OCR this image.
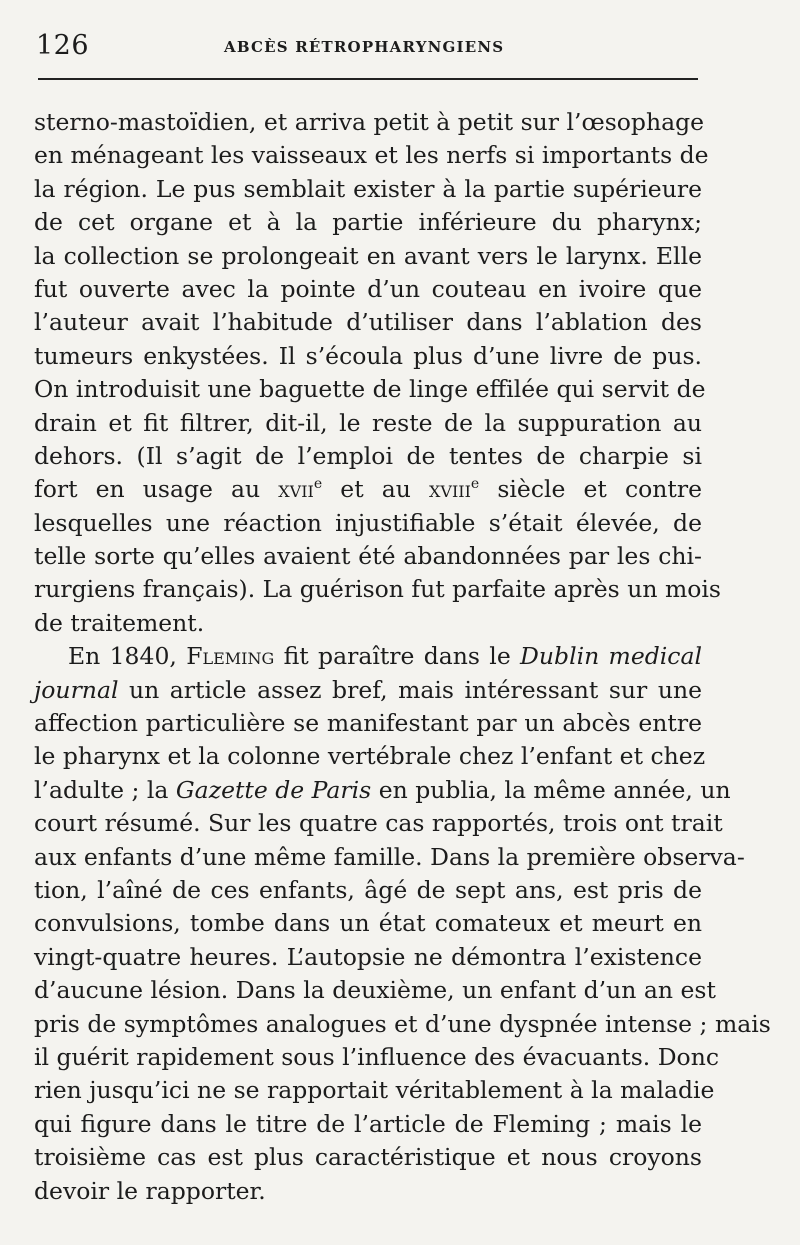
126	ABCÈS RÉTROPHARYNGIENS
sterno-mastoïdien, et arriva petit à petit sur l’œsophage
en ménageant les vaisseaux et les nerfs si importants de
la région. Le pus semblait exister à la partie supérieure
de cet organe et à la partie inférieure du pharynx;
la collection se prolongeait en avant vers le larynx. Elle
fut ouverte avec la pointe d’un couteau en ivoire que
l’auteur avait l’habitude d’utiliser dans l’ablation des
tumeurs enkystées. Il s’écoula plus d’une livre de pus.
On introduisit une baguette de linge effilée qui servit de
drain et fit filtrer, dit-il, le reste de la suppuration au
dehors. (Il s’agit de l’emploi de tentes de charpie si
fort en usage au xvii$^e$ et au xviii$^e$ siècle et contre
lesquelles une réaction injustifiable s’était élevée, de
telle sorte qu’elles avaient été abandonnées par les chi-
rurgiens français). La guérison fut parfaite après un mois
de traitement.
En 1840, Fleming fit paraître dans le Dublin medical
journal un article assez bref, mais intéressant sur une
affection particulière se manifestant par un abcès entre
le pharynx et la colonne vertébrale chez l’enfant et chez
l’adulte ; la Gazette de Paris en publia, la même année, un
court résumé. Sur les quatre cas rapportés, trois ont trait
aux enfants d’une même famille. Dans la première observa-
tion, l’aîné de ces enfants, âgé de sept ans, est pris de
convulsions, tombe dans un état comateux et meurt en
vingt-quatre heures. L’autopsie ne démontra l’existence
d’aucune lésion. Dans la deuxième, un enfant d’un an est
pris de symptômes analogues et d’une dyspnée intense ; mais
il guérit rapidement sous l’influence des évacuants. Donc
rien jusqu’ici ne se rapportait véritablement à la maladie
qui figure dans le titre de l’article de Fleming ; mais le
troisième cas est plus caractéristique et nous croyons
devoir le rapporter.
